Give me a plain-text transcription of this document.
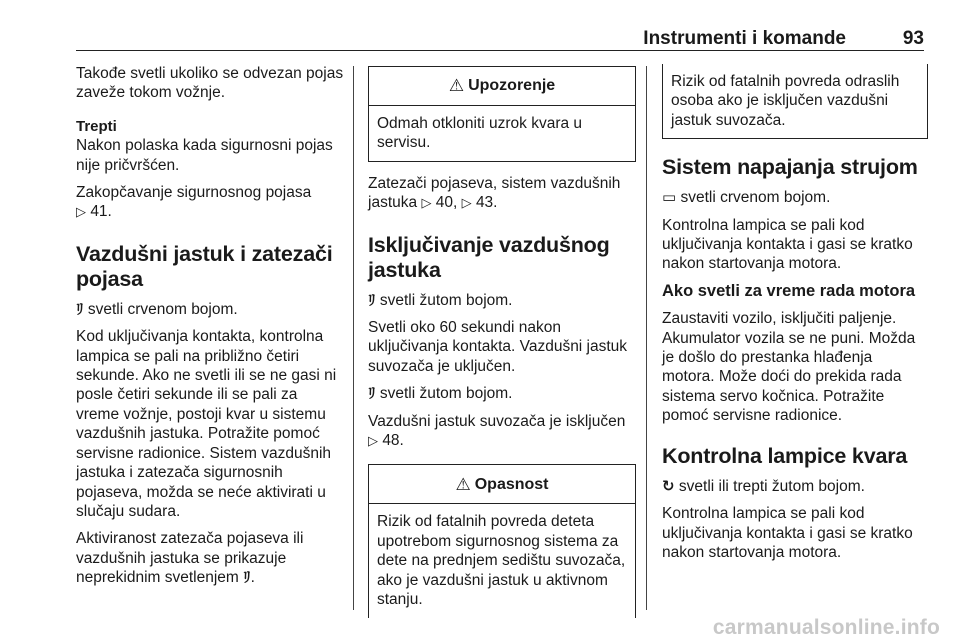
Instrumenti i komande	93

Takođe svetli ukoliko se odvezan pojas zaveže tokom vožnje.

Trepti

Nakon polaska kada sigurnosni pojas nije pričvršćen.

Zakopčavanje sigurnosnog pojasa
▷ 41.

Vazdušni jastuk i zatezači pojasa

ﾘ svetli crvenom bojom.

Kod uključivanja kontakta, kontrolna lampica se pali na približno četiri sekunde. Ako ne svetli ili se ne gasi ni posle četiri sekunde ili se pali za vreme vožnje, postoji kvar u sistemu vazdušnih jastuka. Potražite pomoć servisne radionice. Sistem vazdušnih jastuka i zatezača sigurnosnih pojaseva, možda se neće aktivirati u slučaju sudara.

Aktiviranost zatezača pojaseva ili vazdušnih jastuka se prikazuje neprekidnim svetlenjem ﾘ.

⚠ Upozorenje
Odmah otkloniti uzrok kvara u servisu.

Zatezači pojaseva, sistem vazdušnih jastuka ▷ 40, ▷ 43.

Isključivanje vazdušnog jastuka

ﾘ svetli žutom bojom.

Svetli oko 60 sekundi nakon uključivanja kontakta. Vazdušni jastuk suvozača je uključen.

ﾘ svetli žutom bojom.

Vazdušni jastuk suvozača je isključen ▷ 48.

⚠ Opasnost
Rizik od fatalnih povreda deteta upotrebom sigurnosnog sistema za dete na prednjem sedištu suvozača, ako je vazdušni jastuk u aktivnom stanju.
Rizik od fatalnih povreda odraslih osoba ako je isključen vazdušni jastuk suvozača.
Sistem napajanja strujom

▭ svetli crvenom bojom.

Kontrolna lampica se pali kod uključivanja kontakta i gasi se kratko nakon startovanja motora.

Ako svetli za vreme rada motora

Zaustaviti vozilo, isključiti paljenje. Akumulator vozila se ne puni. Možda je došlo do prestanka hlađenja motora. Može doći do prekida rada sistema servo kočnica. Potražite pomoć servisne radionice.

Kontrolna lampice kvara

↻ svetli ili trepti žutom bojom.

Kontrolna lampica se pali kod uključivanja kontakta i gasi se kratko nakon startovanja motora.

carmanualsonline.info
